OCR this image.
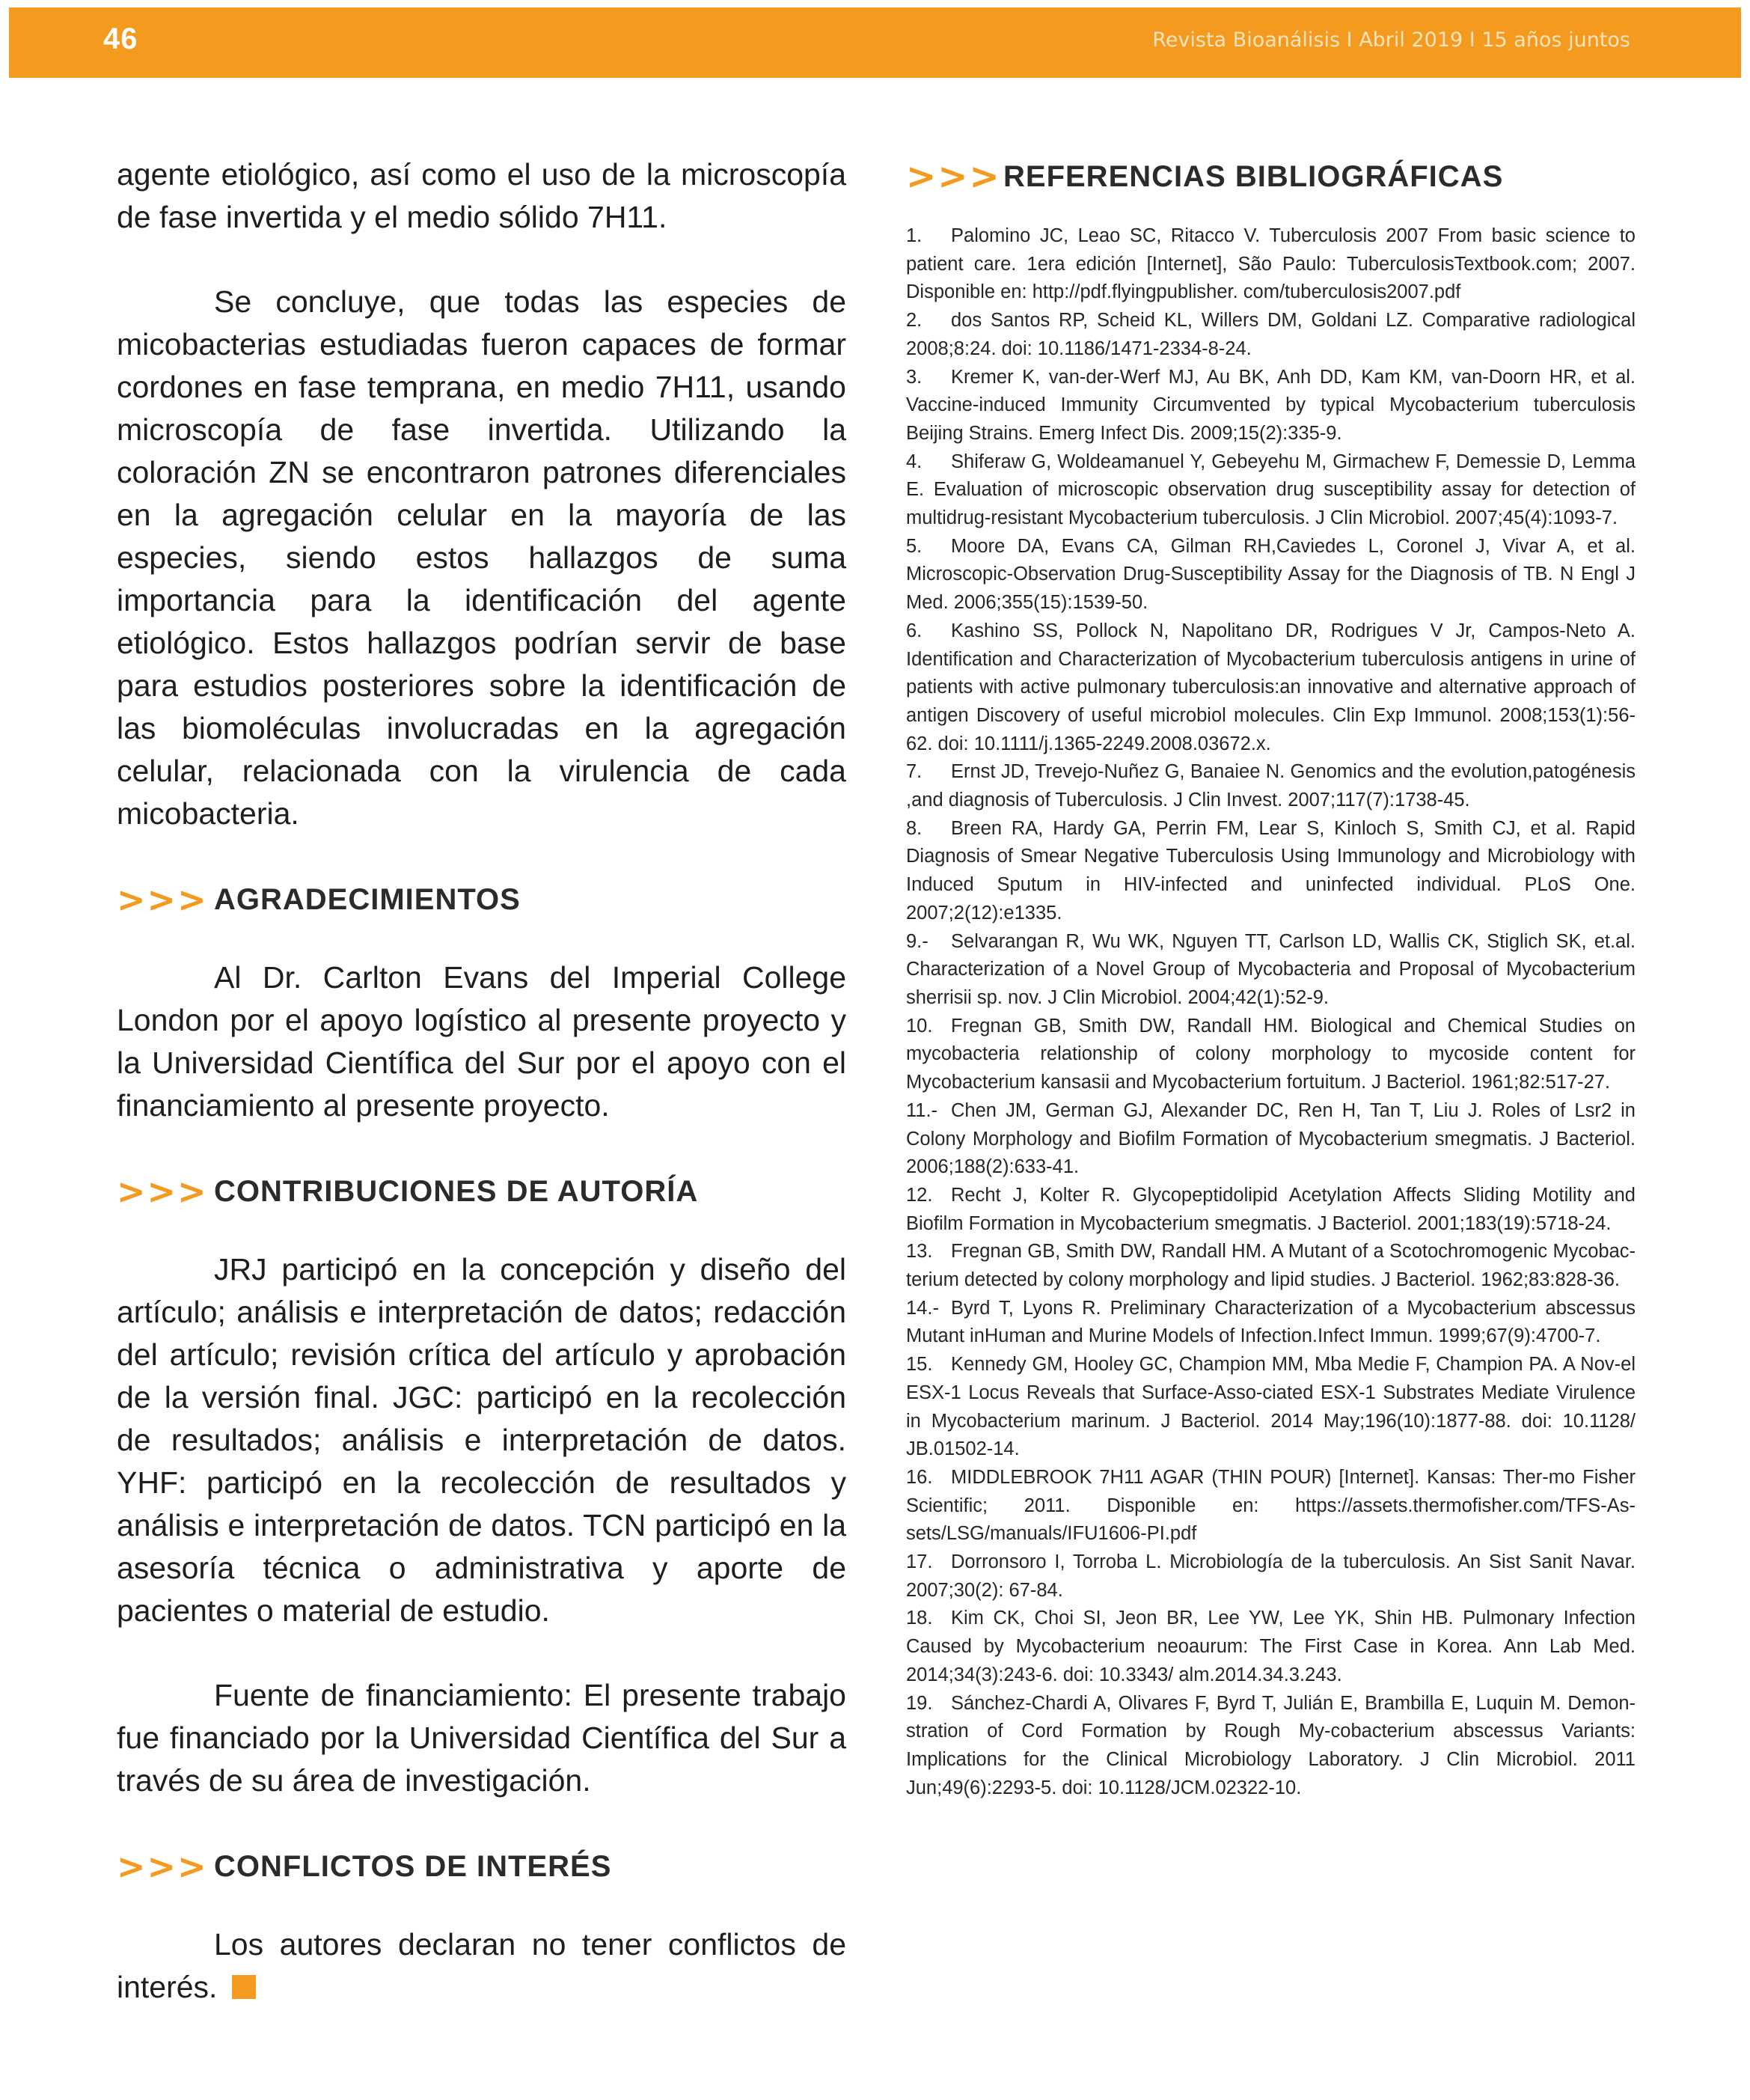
46	Revista Bioanálisis I Abril 2019 I 15 años juntos

agente etiológico, así como el uso de la microscopía de fase invertida y el medio sólido 7H11.

Se concluye, que todas las especies de micobacterias estudiadas fueron capaces de formar cordones en fase temprana, en medio 7H11, usando microscopía de fase invertida. Utilizando la coloración ZN se encontraron patrones diferenciales en la agregación celular en la mayoría de las especies, siendo estos hallazgos de suma importancia para la identificación del agente etiológico. Estos hallazgos podrían servir de base para estudios posteriores sobre la identificación de las biomoléculas involucradas en la agregación celular, relacionada con la virulencia de cada micobacteria.

>>> AGRADECIMIENTOS

Al Dr. Carlton Evans del Imperial College London por el apoyo logístico al presente proyecto y la Universidad Científica del Sur por el apoyo con el financiamiento al presente proyecto.

>>> CONTRIBUCIONES DE AUTORÍA

JRJ participó en la concepción y diseño del artículo; análisis e interpretación de datos; redacción del artículo; revisión crítica del artículo y aprobación de la versión final. JGC: participó en la recolección de resultados; análisis e interpretación de datos. YHF: participó en la recolección de resultados y análisis e interpretación de datos. TCN participó en la asesoría técnica o administrativa y aporte de pacientes o material de estudio.

Fuente de financiamiento: El presente trabajo fue financiado por la Universidad Científica del Sur a través de su área de investigación.

>>> CONFLICTOS DE INTERÉS

Los autores declaran no tener conflictos de interés.

>>> REFERENCIAS BIBLIOGRÁFICAS

1. Palomino JC, Leao SC, Ritacco V. Tuberculosis 2007 From basic science to patient care. 1era edición [Internet], São Paulo: TuberculosisTextbook.com; 2007. Disponible en: http://pdf.flyingpublisher. com/tuberculosis2007.pdf

2. dos Santos RP, Scheid KL, Willers DM, Goldani LZ. Comparative radiological 2008;8:24. doi: 10.1186/1471-2334-8-24.

3. Kremer K, van-der-Werf MJ, Au BK, Anh DD, Kam KM, van-Doorn HR, et al. Vaccine-induced Immunity Circumvented by typical Mycobacterium tuberculosis Beijing Strains. Emerg Infect Dis. 2009;15(2):335-9.

4. Shiferaw G, Woldeamanuel Y, Gebeyehu M, Girmachew F, Demessie D, Lemma E. Evaluation of microscopic observation drug susceptibility assay for detection of multidrug-resistant Mycobacterium tuberculosis. J Clin Microbiol. 2007;45(4):1093-7.

5. Moore DA, Evans CA, Gilman RH,Caviedes L, Coronel J, Vivar A, et al. Microscopic-Observation Drug-Susceptibility Assay for the Diagnosis of TB. N Engl J Med. 2006;355(15):1539-50.

6. Kashino SS, Pollock N, Napolitano DR, Rodrigues V Jr, Campos-Neto A. Identification and Characterization of Mycobacterium tuberculosis antigens in urine of patients with active pulmonary tuberculosis:an innovative and alternative approach of antigen Discovery of useful microbiol molecules. Clin Exp Immunol. 2008;153(1):56-62. doi: 10.1111/j.1365-2249.2008.03672.x.

7. Ernst JD, Trevejo-Nuñez G, Banaiee N. Genomics and the evolution,patogénesis ,and diagnosis of Tuberculosis. J Clin Invest. 2007;117(7):1738-45.

8. Breen RA, Hardy GA, Perrin FM, Lear S, Kinloch S, Smith CJ, et al. Rapid Diagnosis of Smear Negative Tuberculosis Using Immunology and Microbiology with Induced Sputum in HIV-infected and uninfected individual. PLoS One. 2007;2(12):e1335.

9.- Selvarangan R, Wu WK, Nguyen TT, Carlson LD, Wallis CK, Stiglich SK, et.al. Characterization of a Novel Group of Mycobacteria and Proposal of Mycobacterium sherrisii sp. nov. J Clin Microbiol. 2004;42(1):52-9.

10. Fregnan GB, Smith DW, Randall HM. Biological and Chemical Studies on mycobacteria relationship of colony morphology to mycoside content for Mycobacterium kansasii and Mycobacterium fortuitum. J Bacteriol. 1961;82:517-27.

11.- Chen JM, German GJ, Alexander DC, Ren H, Tan T, Liu J. Roles of Lsr2 in Colony Morphology and Biofilm Formation of Mycobacterium smegmatis. J Bacteriol. 2006;188(2):633-41.

12. Recht J, Kolter R. Glycopeptidolipid Acetylation Affects Sliding Motility and Biofilm Formation in Mycobacterium smegmatis. J Bacteriol. 2001;183(19):5718-24.

13. Fregnan GB, Smith DW, Randall HM. A Mutant of a Scotochromogenic Mycobac-terium detected by colony morphology and lipid studies. J Bacteriol. 1962;83:828-36.

14.- Byrd T, Lyons R. Preliminary Characterization of a Mycobacterium abscessus Mutant inHuman and Murine Models of Infection.Infect Immun. 1999;67(9):4700-7.

15. Kennedy GM, Hooley GC, Champion MM, Mba Medie F, Champion PA. A Nov-el ESX-1 Locus Reveals that Surface-Asso-ciated ESX-1 Substrates Mediate Virulence in Mycobacterium marinum. J Bacteriol. 2014 May;196(10):1877-88. doi: 10.1128/ JB.01502-14.

16. MIDDLEBROOK 7H11 AGAR (THIN POUR) [Internet]. Kansas: Ther-mo Fisher Scientific; 2011. Disponible en: https://assets.thermofisher.com/TFS-As-sets/LSG/manuals/IFU1606-PI.pdf

17. Dorronsoro I, Torroba L. Microbiología de la tuberculosis. An Sist Sanit Navar. 2007;30(2): 67-84.

18. Kim CK, Choi SI, Jeon BR, Lee YW, Lee YK, Shin HB. Pulmonary Infection Caused by Mycobacterium neoaurum: The First Case in Korea. Ann Lab Med. 2014;34(3):243-6. doi: 10.3343/ alm.2014.34.3.243.

19. Sánchez-Chardi A, Olivares F, Byrd T, Julián E, Brambilla E, Luquin M. Demon-stration of Cord Formation by Rough My-cobacterium abscessus Variants: Implications for the Clinical Microbiology Laboratory. J Clin Microbiol. 2011 Jun;49(6):2293-5. doi: 10.1128/JCM.02322-10.
